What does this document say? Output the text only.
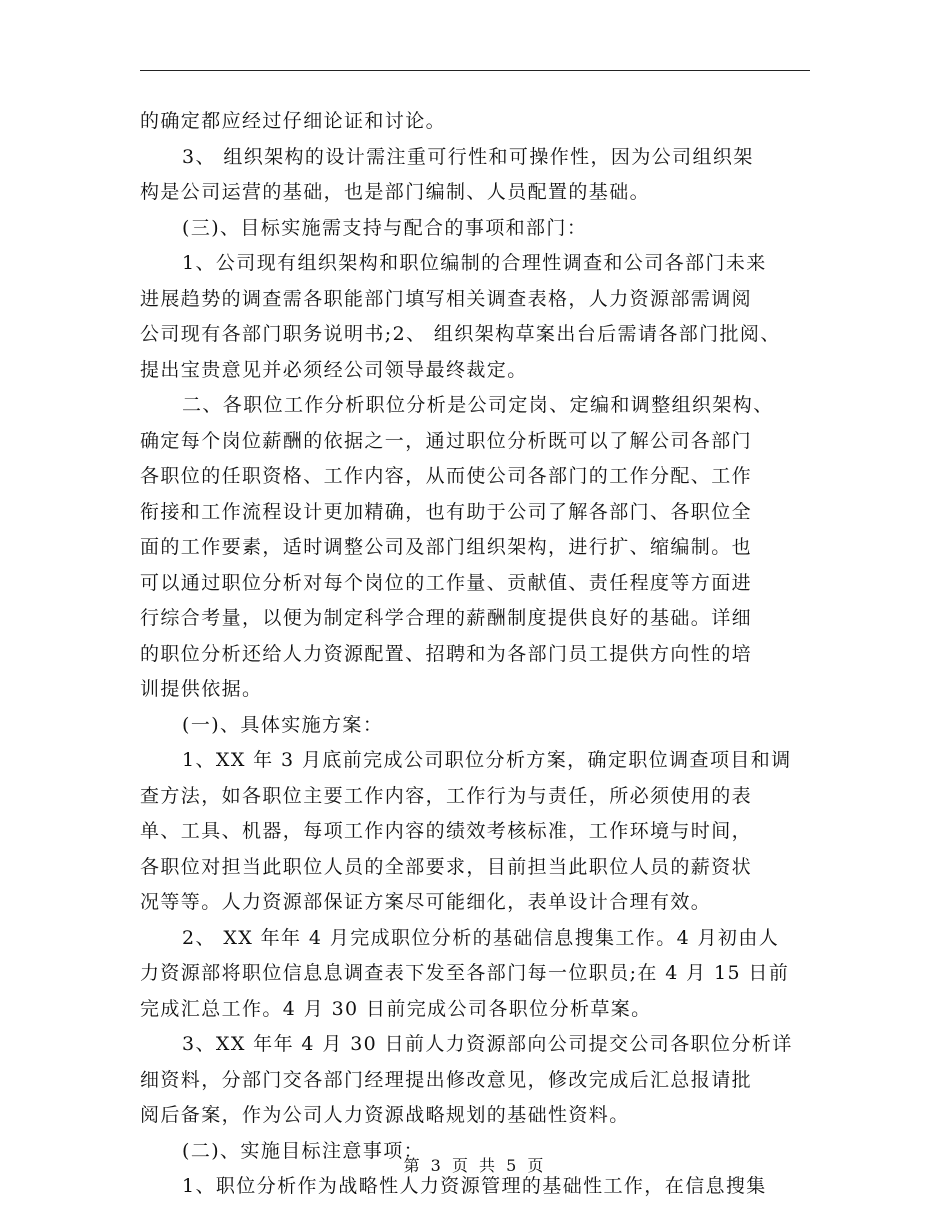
的确定都应经过仔细论证和讨论。
3、 组织架构的设计需注重可行性和可操作性，因为公司组织架
构是公司运营的基础，也是部门编制、人员配置的基础。
(三)、目标实施需支持与配合的事项和部门：
1、公司现有组织架构和职位编制的合理性调查和公司各部门未来
进展趋势的调查需各职能部门填写相关调查表格，人力资源部需调阅
公司现有各部门职务说明书;2、 组织架构草案出台后需请各部门批阅、
提出宝贵意见并必须经公司领导最终裁定。
二、各职位工作分析职位分析是公司定岗、定编和调整组织架构、
确定每个岗位薪酬的依据之一，通过职位分析既可以了解公司各部门
各职位的任职资格、工作内容，从而使公司各部门的工作分配、工作
衔接和工作流程设计更加精确，也有助于公司了解各部门、各职位全
面的工作要素，适时调整公司及部门组织架构，进行扩、缩编制。也
可以通过职位分析对每个岗位的工作量、贡献值、责任程度等方面进
行综合考量，以便为制定科学合理的薪酬制度提供良好的基础。详细
的职位分析还给人力资源配置、招聘和为各部门员工提供方向性的培
训提供依据。
(一)、具体实施方案：
1、XX 年 3 月底前完成公司职位分析方案，确定职位调查项目和调
查方法，如各职位主要工作内容，工作行为与责任，所必须使用的表
单、工具、机器，每项工作内容的绩效考核标准，工作环境与时间，
各职位对担当此职位人员的全部要求，目前担当此职位人员的薪资状
况等等。人力资源部保证方案尽可能细化，表单设计合理有效。
2、 XX 年年 4 月完成职位分析的基础信息搜集工作。4 月初由人
力资源部将职位信息息调查表下发至各部门每一位职员;在 4 月 15 日前
完成汇总工作。4 月 30 日前完成公司各职位分析草案。
3、XX 年年 4 月 30 日前人力资源部向公司提交公司各职位分析详
细资料，分部门交各部门经理提出修改意见，修改完成后汇总报请批
阅后备案，作为公司人力资源战略规划的基础性资料。
(二)、实施目标注意事项：
1、职位分析作为战略性人力资源管理的基础性工作，在信息搜集
第 3 页 共 5 页
